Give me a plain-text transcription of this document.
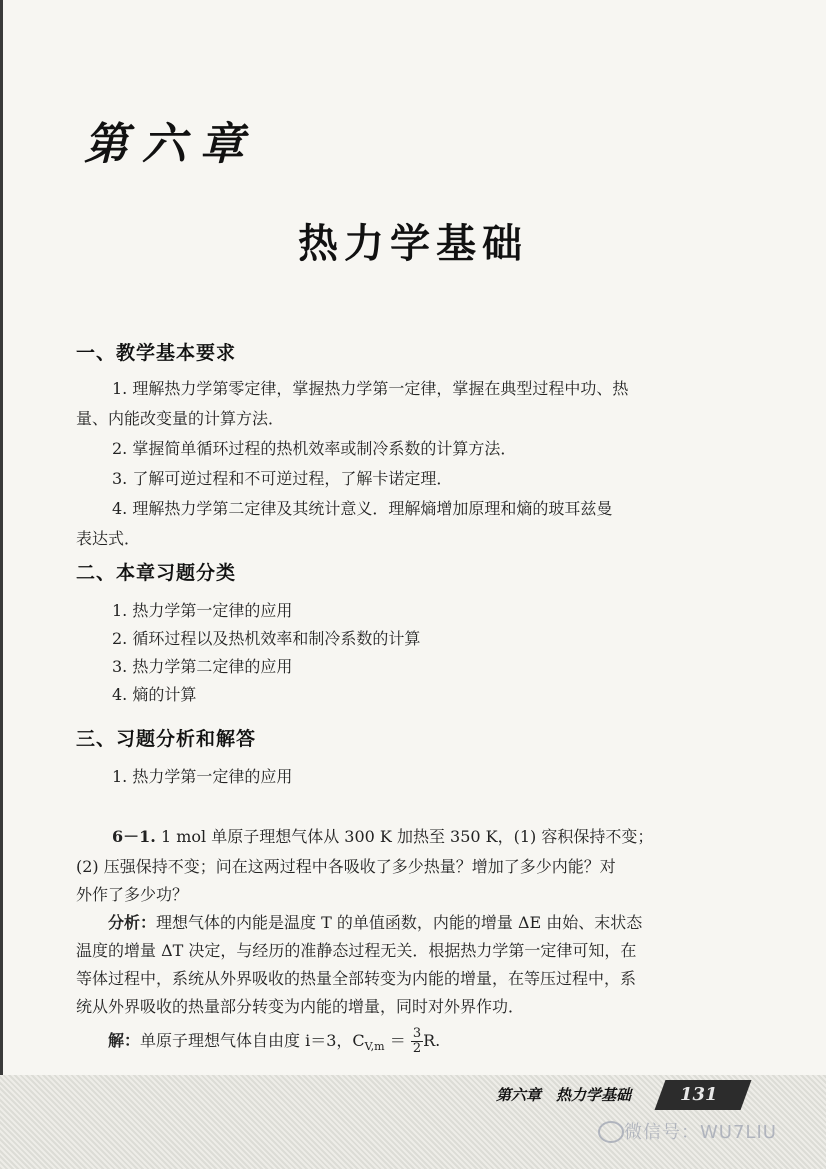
第六章
热力学基础
一、教学基本要求
1. 理解热力学第零定律，掌握热力学第一定律，掌握在典型过程中功、热
量、内能改变量的计算方法．
2. 掌握简单循环过程的热机效率或制冷系数的计算方法．
3. 了解可逆过程和不可逆过程，了解卡诺定理．
4. 理解热力学第二定律及其统计意义．理解熵增加原理和熵的玻耳兹曼
表达式．
二、本章习题分类
1. 热力学第一定律的应用
2. 循环过程以及热机效率和制冷系数的计算
3. 热力学第二定律的应用
4. 熵的计算
三、习题分析和解答
1. 热力学第一定律的应用
6－1. 1 mol 单原子理想气体从 300 K 加热至 350 K，(1) 容积保持不变；
(2) 压强保持不变；问在这两过程中各吸收了多少热量？增加了多少内能？对
外作了多少功？
分析：理想气体的内能是温度 T 的单值函数，内能的增量 ΔE 由始、末状态
温度的增量 ΔT 决定，与经历的准静态过程无关．根据热力学第一定律可知，在
等体过程中，系统从外界吸收的热量全部转变为内能的增量，在等压过程中，系
统从外界吸收的热量部分转变为内能的增量，同时对外界作功．
解：单原子理想气体自由度 i＝3，$C_{V,m} = \frac{3}{2} R$.
第六章　热力学基础	131
微信号：WU7LIU
